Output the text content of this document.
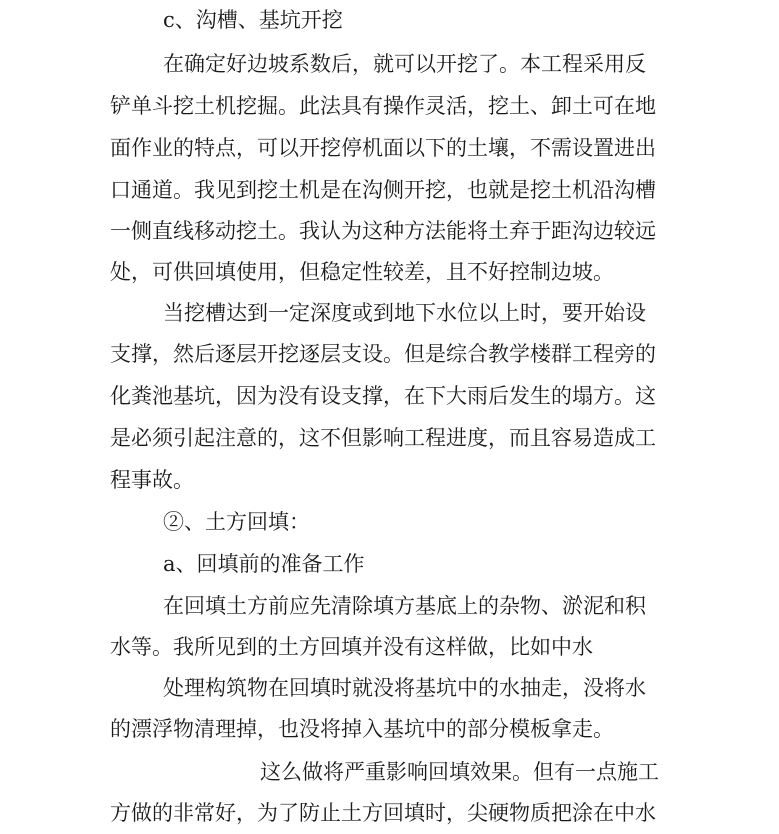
c、沟槽、基坑开挖
在确定好边坡系数后，就可以开挖了。本工程采用反
铲单斗挖土机挖掘。此法具有操作灵活，挖土、卸土可在地
面作业的特点，可以开挖停机面以下的土壤，不需设置进出
口通道。我见到挖土机是在沟侧开挖，也就是挖土机沿沟槽
一侧直线移动挖土。我认为这种方法能将土弃于距沟边较远
处，可供回填使用，但稳定性较差，且不好控制边坡。
当挖槽达到一定深度或到地下水位以上时，要开始设
支撑，然后逐层开挖逐层支设。但是综合教学楼群工程旁的
化粪池基坑，因为没有设支撑，在下大雨后发生的塌方。这
是必须引起注意的，这不但影响工程进度，而且容易造成工
程事故。
②、土方回填：
a、回填前的准备工作
在回填土方前应先清除填方基底上的杂物、淤泥和积
水等。我所见到的土方回填并没有这样做，比如中水
处理构筑物在回填时就没将基坑中的水抽走，没将水
的漂浮物清理掉，也没将掉入基坑中的部分模板拿走。
这么做将严重影响回填效果。但有一点施工
方做的非常好，为了防止土方回填时，尖硬物质把涂在中水
